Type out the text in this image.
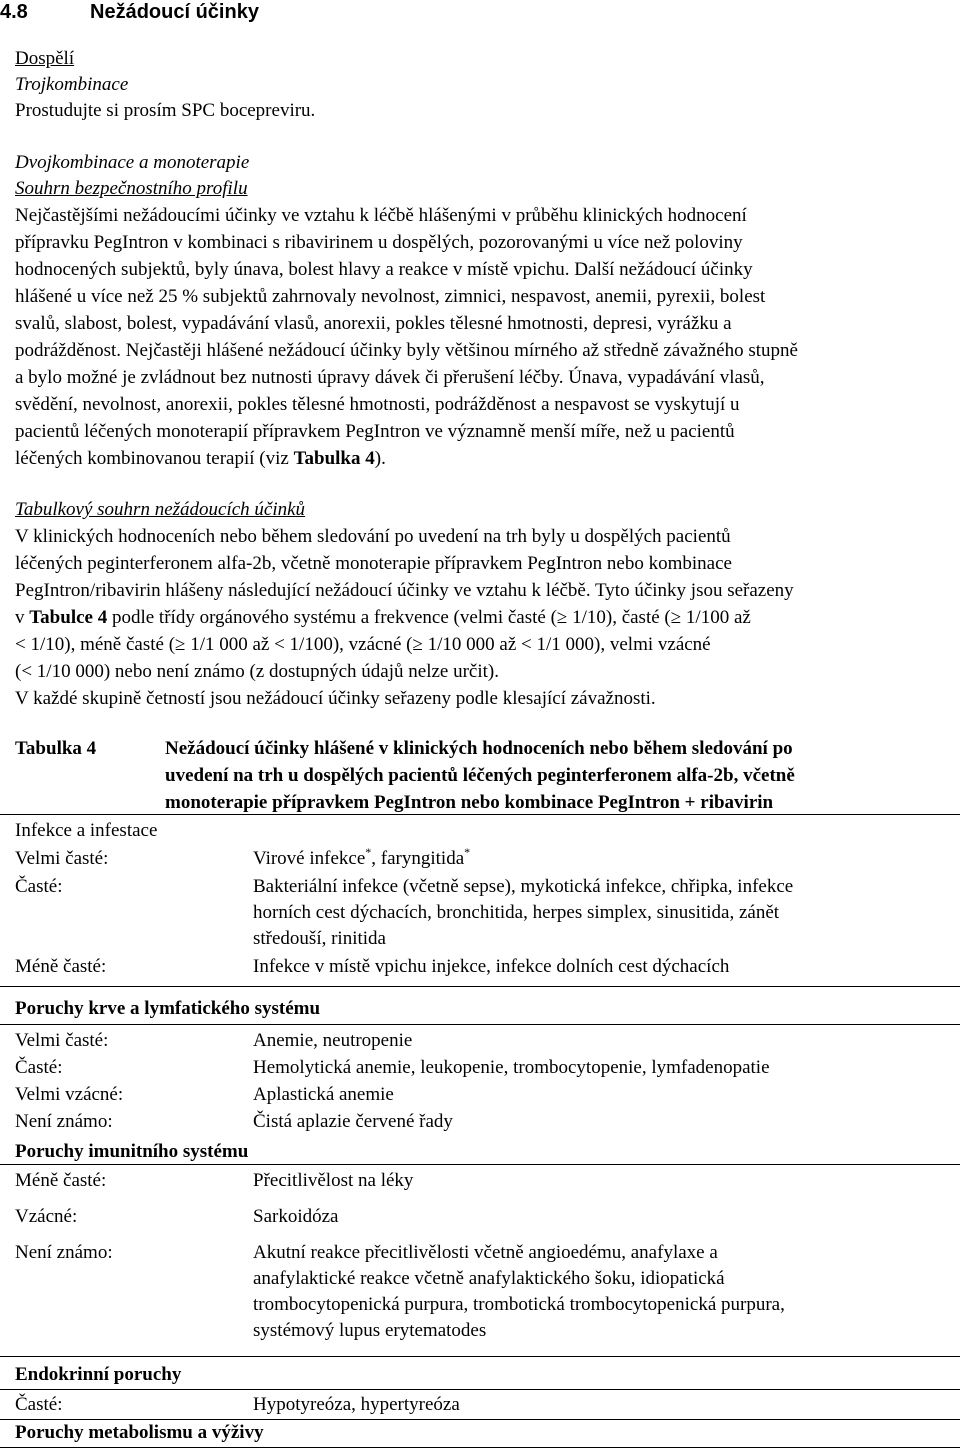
4.8	Nežádoucí účinky
Dospělí
Trojkombinace
Prostudujte si prosím SPC bocepreviru.
Dvojkombinace a monoterapie
Souhrn bezpečnostního profilu
Nejčastějšími nežádoucími účinky ve vztahu k léčbě hlášenými v průběhu klinických hodnocení
přípravku PegIntron v kombinaci s ribavirinem u dospělých, pozorovanými u více než poloviny
hodnocených subjektů, byly únava, bolest hlavy a reakce v místě vpichu. Další nežádoucí účinky
hlášené u více než 25 % subjektů zahrnovaly nevolnost, zimnici, nespavost, anemii, pyrexii, bolest
svalů, slabost, bolest, vypadávání vlasů, anorexii, pokles tělesné hmotnosti, depresi, vyrážku a
podrážděnost. Nejčastěji hlášené nežádoucí účinky byly většinou mírného až středně závažného stupně
a bylo možné je zvládnout bez nutnosti úpravy dávek či přerušení léčby. Únava, vypadávání vlasů,
svědění, nevolnost, anorexii, pokles tělesné hmotnosti, podrážděnost a nespavost se vyskytují u
pacientů léčených monoterapií přípravkem PegIntron ve významně menší míře, než u pacientů
léčených kombinovanou terapií (viz Tabulka 4).
Tabulkový souhrn nežádoucích účinků
V klinických hodnoceních nebo během sledování po uvedení na trh byly u dospělých pacientů
léčených peginterferonem alfa-2b, včetně monoterapie přípravkem PegIntron nebo kombinace
PegIntron/ribavirin hlášeny následující nežádoucí účinky ve vztahu k léčbě. Tyto účinky jsou seřazeny
v Tabulce 4 podle třídy orgánového systému a frekvence (velmi časté (≥ 1/10), časté (≥ 1/100 až
< 1/10), méně časté (≥ 1/1 000 až < 1/100), vzácné (≥ 1/10 000 až < 1/1 000), velmi vzácné
(< 1/10 000) nebo není známo (z dostupných údajů nelze určit).
V každé skupině četností jsou nežádoucí účinky seřazeny podle klesající závažnosti.
Tabulka 4	Nežádoucí účinky hlášené v klinických hodnoceních nebo během sledování po
uvedení na trh u dospělých pacientů léčených peginterferonem alfa-2b, včetně
monoterapie přípravkem PegIntron nebo kombinace PegIntron + ribavirin
Infekce a infestace
Velmi časté:	Virové infekce*, faryngitida*
Časté:	Bakteriální infekce (včetně sepse), mykotická infekce, chřipka, infekce
horních cest dýchacích, bronchitida, herpes simplex, sinusitida, zánět
středouší, rinitida
Méně časté:	Infekce v místě vpichu injekce, infekce dolních cest dýchacích
Poruchy krve a lymfatického systému
Velmi časté:	Anemie, neutropenie
Časté:	Hemolytická anemie, leukopenie, trombocytopenie, lymfadenopatie
Velmi vzácné:	Aplastická anemie
Není známo:	Čistá aplazie červené řady
Poruchy imunitního systému
Méně časté:	Přecitlivělost na léky
Vzácné:	Sarkoidóza
Není známo:	Akutní reakce přecitlivělosti včetně angioedému, anafylaxe a
anafylaktické reakce včetně anafylaktického šoku, idiopatická
trombocytopenická purpura, trombotická trombocytopenická purpura,
systémový lupus erytematodes
Endokrinní poruchy
Časté:	Hypotyreóza, hypertyreóza
Poruchy metabolismu a výživy
